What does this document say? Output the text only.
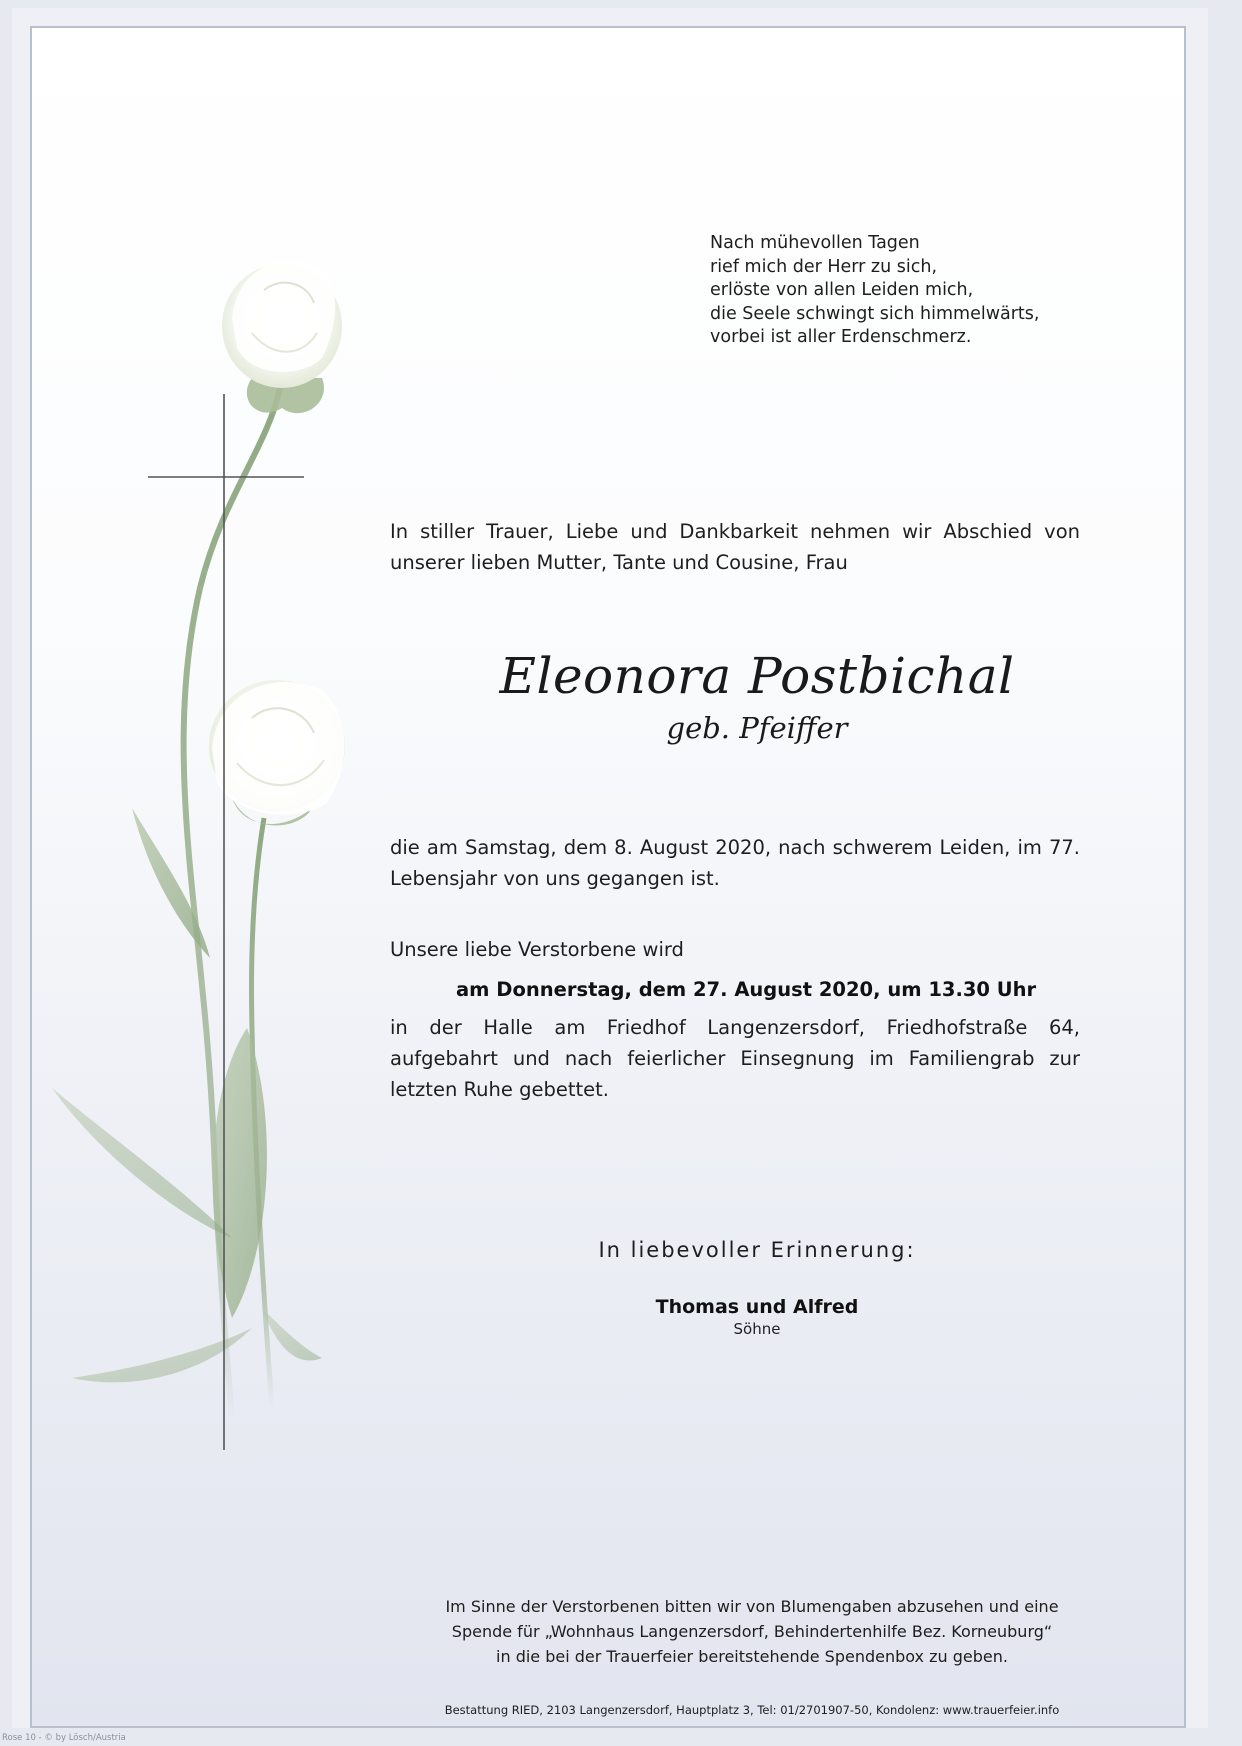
Nach mühevollen Tagen
rief mich der Herr zu sich,
erlöste von allen Leiden mich,
die Seele schwingt sich himmelwärts,
vorbei ist aller Erdenschmerz.
In stiller Trauer, Liebe und Dankbarkeit nehmen wir Abschied von unserer lieben Mutter, Tante und Cousine, Frau
Eleonora Postbichal
geb. Pfeiffer
die am Samstag, dem 8. August 2020, nach schwerem Leiden, im 77. Lebensjahr von uns gegangen ist.
Unsere liebe Verstorbene wird
am Donnerstag, dem 27. August 2020, um 13.30 Uhr
in der Halle am Friedhof Langenzersdorf, Friedhofstraße 64, aufgebahrt und nach feierlicher Einsegnung im Familiengrab zur letzten Ruhe gebettet.
In liebevoller Erinnerung:
Thomas und Alfred
Söhne
Im Sinne der Verstorbenen bitten wir von Blumengaben abzusehen und eine
Spende für „Wohnhaus Langenzersdorf, Behindertenhilfe Bez. Korneuburg“
in die bei der Trauerfeier bereitstehende Spendenbox zu geben.
Bestattung RIED, 2103 Langenzersdorf, Hauptplatz 3, Tel: 01/2701907-50, Kondolenz: www.trauerfeier.info
Rose 10 - © by Lösch/Austria
